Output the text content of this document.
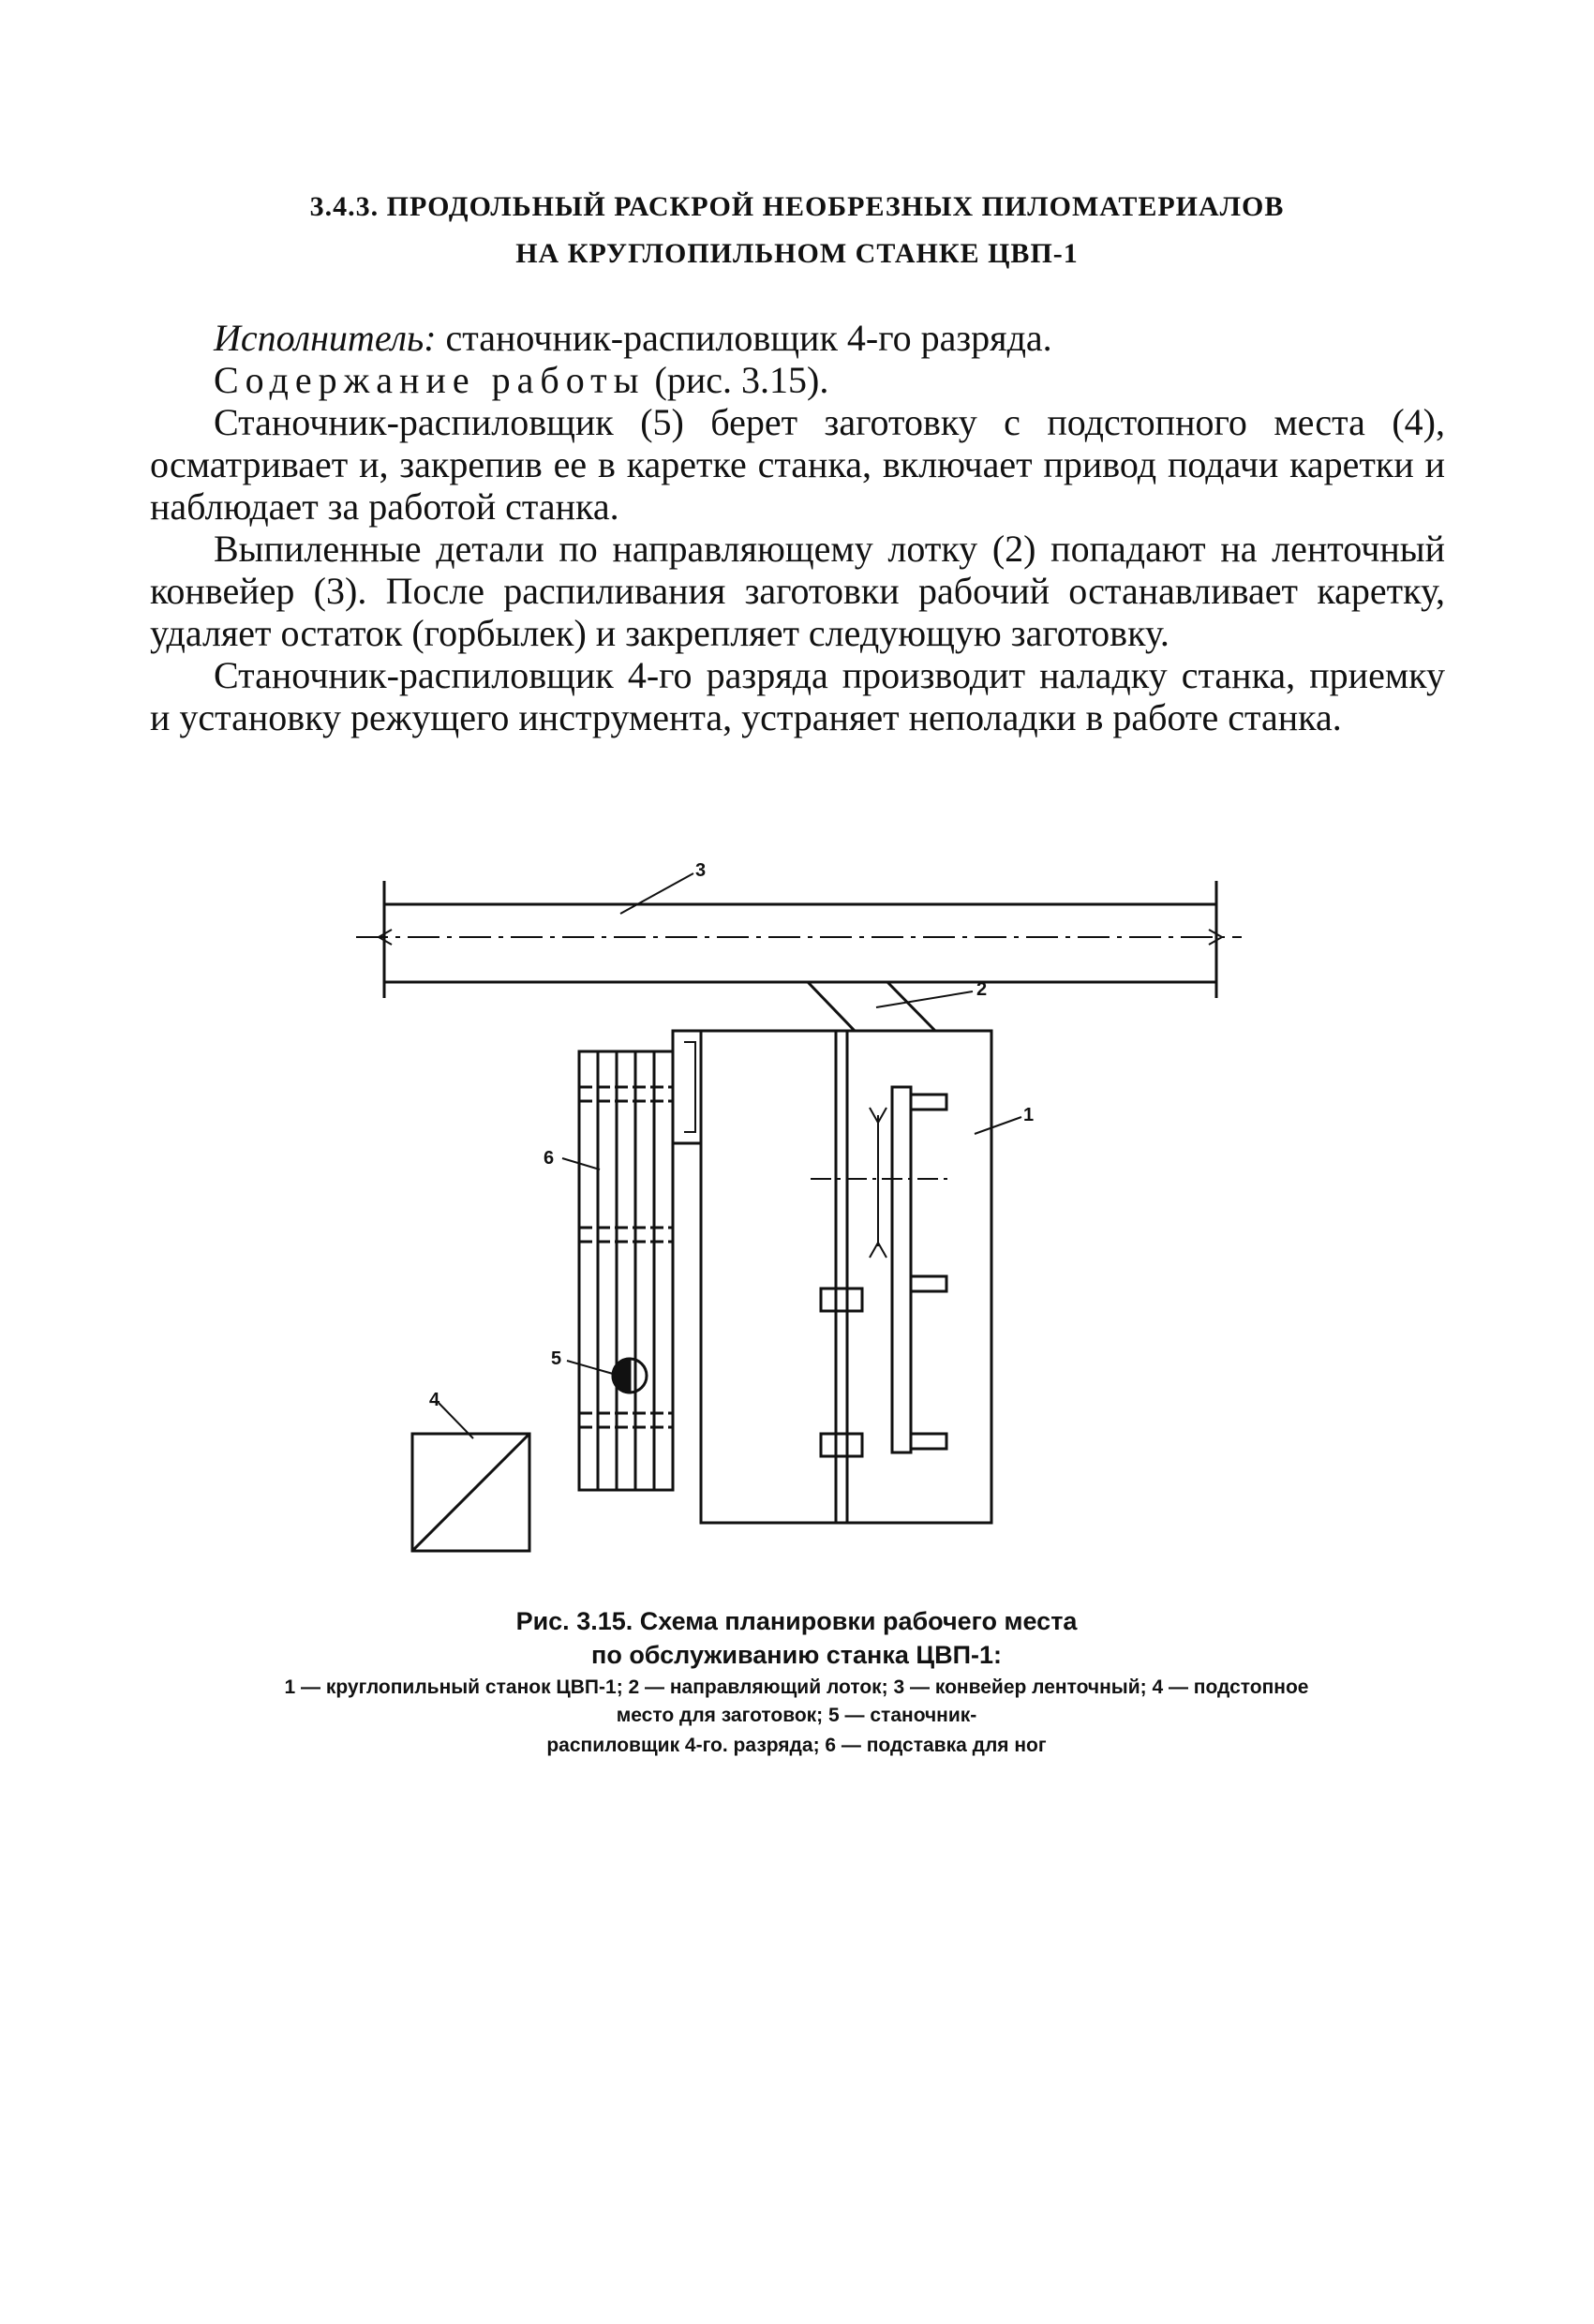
3.4.3. ПРОДОЛЬНЫЙ РАСКРОЙ НЕОБРЕЗНЫХ ПИЛОМАТЕРИАЛОВ
НА КРУГЛОПИЛЬНОМ СТАНКЕ ЦВП-1

Исполнитель: станочник-распиловщик 4-го разряда.

Содержание работы (рис. 3.15).

Станочник-распиловщик (5) берет заготовку с подстопного места (4), осматривает и, закрепив ее в каретке станка, включает привод подачи каретки и наблюдает за работой станка.

Выпиленные детали по направляющему лотку (2) попадают на ленточный конвейер (3). После распиливания заготовки рабочий останавливает каретку, удаляет остаток (горбылек) и закрепляет следующую заготовку.

Станочник-распиловщик 4-го разряда производит наладку станка, приемку и установку режущего инструмента, устраняет неполадки в работе станка.

3
2
1
6
5
4
Рис. 3.15. Схема планировки рабочего места
по обслуживанию станка ЦВП-1:
1 — круглопильный станок ЦВП-1; 2 — направляющий лоток; 3 — конвейер ленточный; 4 — подстопное место для заготовок; 5 — станочник-
распиловщик 4-го. разряда; 6 — подставка для ног
